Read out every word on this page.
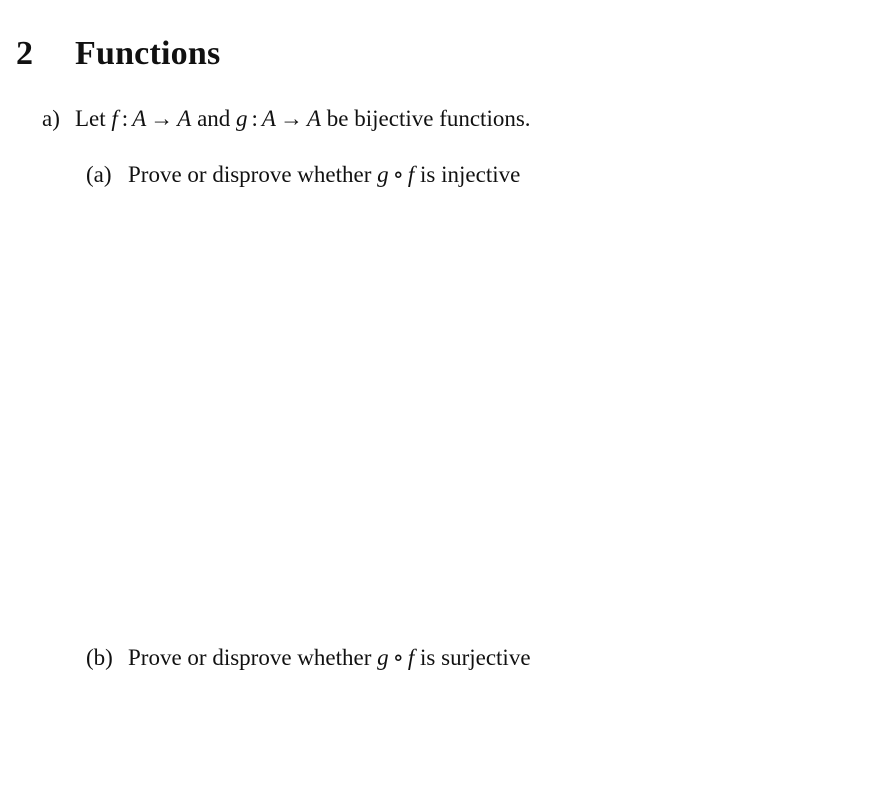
2 Functions
a) Let f : A → A and g : A → A be bijective functions.
(a) Prove or disprove whether g ∘ f is injective
(b) Prove or disprove whether g ∘ f is surjective
